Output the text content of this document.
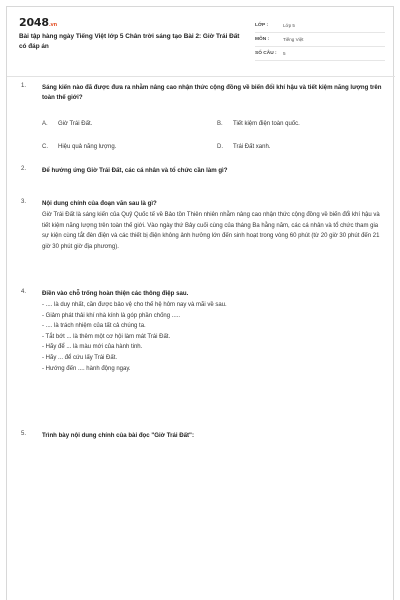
2048.vn
Bài tập hàng ngày Tiếng Việt lớp 5 Chân trời sáng tạo Bài 2: Giờ Trái Đất có đáp án
LỚP :	Lớp 5
MÔN :	Tiếng Việt
SỐ CÂU :	5
1.	Sáng kiến nào đã được đưa ra nhằm nâng cao nhận thức cộng đồng về biến đổi khí hậu và tiết kiệm năng lượng trên toàn thế giới?
A. Giờ Trái Đất.	B. Tiết kiệm điện toàn quốc.
C. Hiệu quả năng lượng.	D. Trái Đất xanh.
2.	Để hưởng ứng Giờ Trái Đất, các cá nhân và tổ chức cần làm gì?
3.	Nội dung chính của đoạn văn sau là gì?
Giờ Trái Đất là sáng kiến của Quỹ Quốc tế về Bảo tồn Thiên nhiên nhằm nâng cao nhận thức cộng đồng về biến đổi khí hậu và tiết kiệm năng lượng trên toàn thế giới. Vào ngày thứ Bảy cuối cùng của tháng Ba hằng năm, các cá nhân và tổ chức tham gia sự kiện cùng tắt đèn điện và các thiết bị điện không ảnh hưởng lớn đến sinh hoạt trong vòng 60 phút (từ 20 giờ 30 phút đến 21 giờ 30 phút giờ địa phương).
4.	Điền vào chỗ trống hoàn thiện các thông điệp sau.
- .... là duy nhất, cần được bảo vệ cho thế hệ hôm nay và mãi về sau.
- Giảm phát thải khí nhà kính là góp phần chống .....
- .... là trách nhiệm của tất cả chúng ta.
- Tắt bớt ... là thêm một cơ hội làm mát Trái Đất.
- Hãy để ... là màu mới của hành tinh.
- Hãy ... để cứu lấy Trái Đất.
- Hướng đến .... hành động ngay.
5.	Trình bày nội dung chính của bài đọc "Giờ Trái Đất":
